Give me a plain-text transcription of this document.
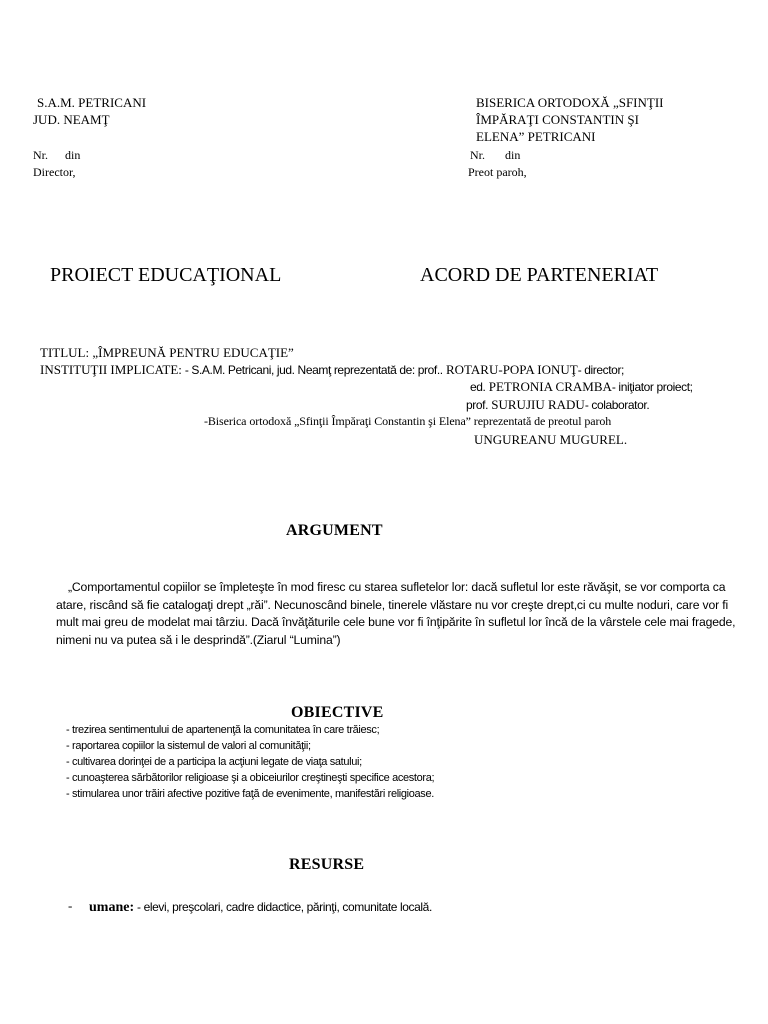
S.A.M. PETRICANI
JUD. NEAMŢ
Nr. din
Director,
BISERICA ORTODOXĂ „SFINŢII
ÎMPĂRAŢI CONSTANTIN ŞI
ELENA” PETRICANI
Nr. din
Preot paroh,
PROIECT EDUCAŢIONAL	ACORD DE PARTENERIAT
TITLUL: „ÎMPREUNĂ PENTRU EDUCAŢIE”
INSTITUŢII IMPLICATE: - S.A.M. Petricani, jud. Neamţ reprezentată de: prof.. ROTARU-POPA IONUŢ- director;
ed. PETRONIA CRAMBA- iniţiator proiect;
prof. SURUJIU RADU- colaborator.
-Biserica ortodoxă „Sfinţii Împăraţi Constantin şi Elena” reprezentată de preotul paroh
UNGUREANU MUGUREL.
ARGUMENT
„Comportamentul copiilor se împleteşte în mod firesc cu starea sufletelor lor: dacă sufletul lor este răvăşit, se vor comporta ca atare, riscând să fie catalogaţi drept „răi”. Necunoscând binele, tinerele vlăstare nu vor creşte drept,ci cu multe noduri, care vor fi mult mai greu de modelat mai târziu. Dacă învăţăturile cele bune vor fi înţipărite în sufletul lor încă de la vârstele cele mai fragede, nimeni nu va putea să i le desprindă”.(Ziarul “Lumina”)
OBIECTIVE
- trezirea sentimentului de apartenenţă la comunitatea în care trăiesc;
- raportarea copiilor la sistemul de valori al comunităţii;
- cultivarea dorinţei de a participa la acţiuni legate de viaţa satului;
- cunoaşterea sărbătorilor religioase şi a obiceiurilor creştineşti specifice acestora;
- stimularea unor trăiri afective pozitive faţă de evenimente, manifestări religioase.
RESURSE
- umane: - elevi, preşcolari, cadre didactice, părinţi, comunitate locală.
